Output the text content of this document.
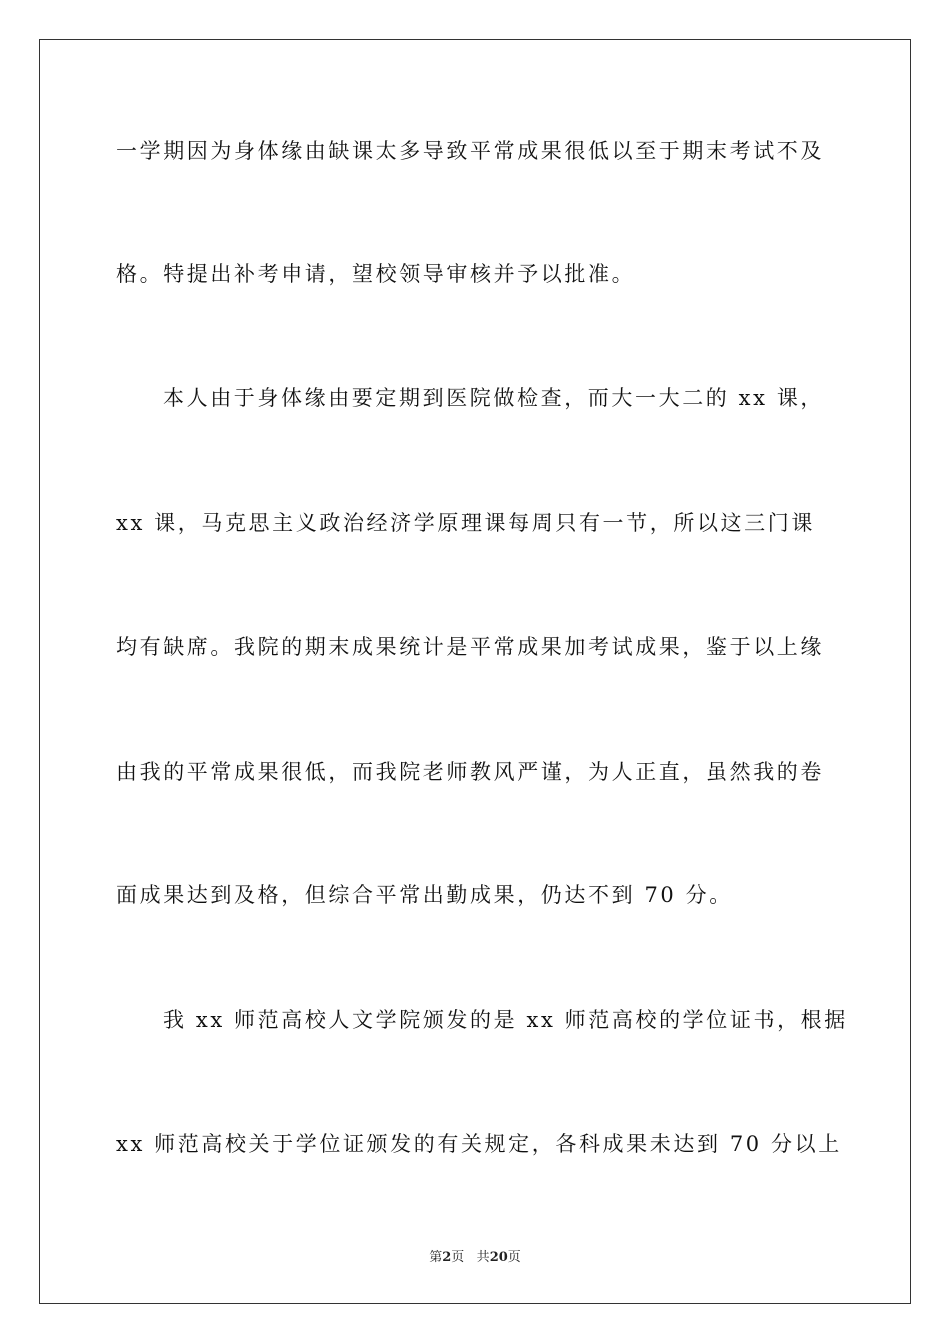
一学期因为身体缘由缺课太多导致平常成果很低以至于期末考试不及
格。特提出补考申请，望校领导审核并予以批准。
本人由于身体缘由要定期到医院做检查，而大一大二的 xx 课，
xx 课，马克思主义政治经济学原理课每周只有一节，所以这三门课
均有缺席。我院的期末成果统计是平常成果加考试成果，鉴于以上缘
由我的平常成果很低，而我院老师教风严谨，为人正直，虽然我的卷
面成果达到及格，但综合平常出勤成果，仍达不到 70 分。
我 xx 师范高校人文学院颁发的是 xx 师范高校的学位证书，根据
xx 师范高校关于学位证颁发的有关规定，各科成果未达到 70 分以上
第2页 共20页
